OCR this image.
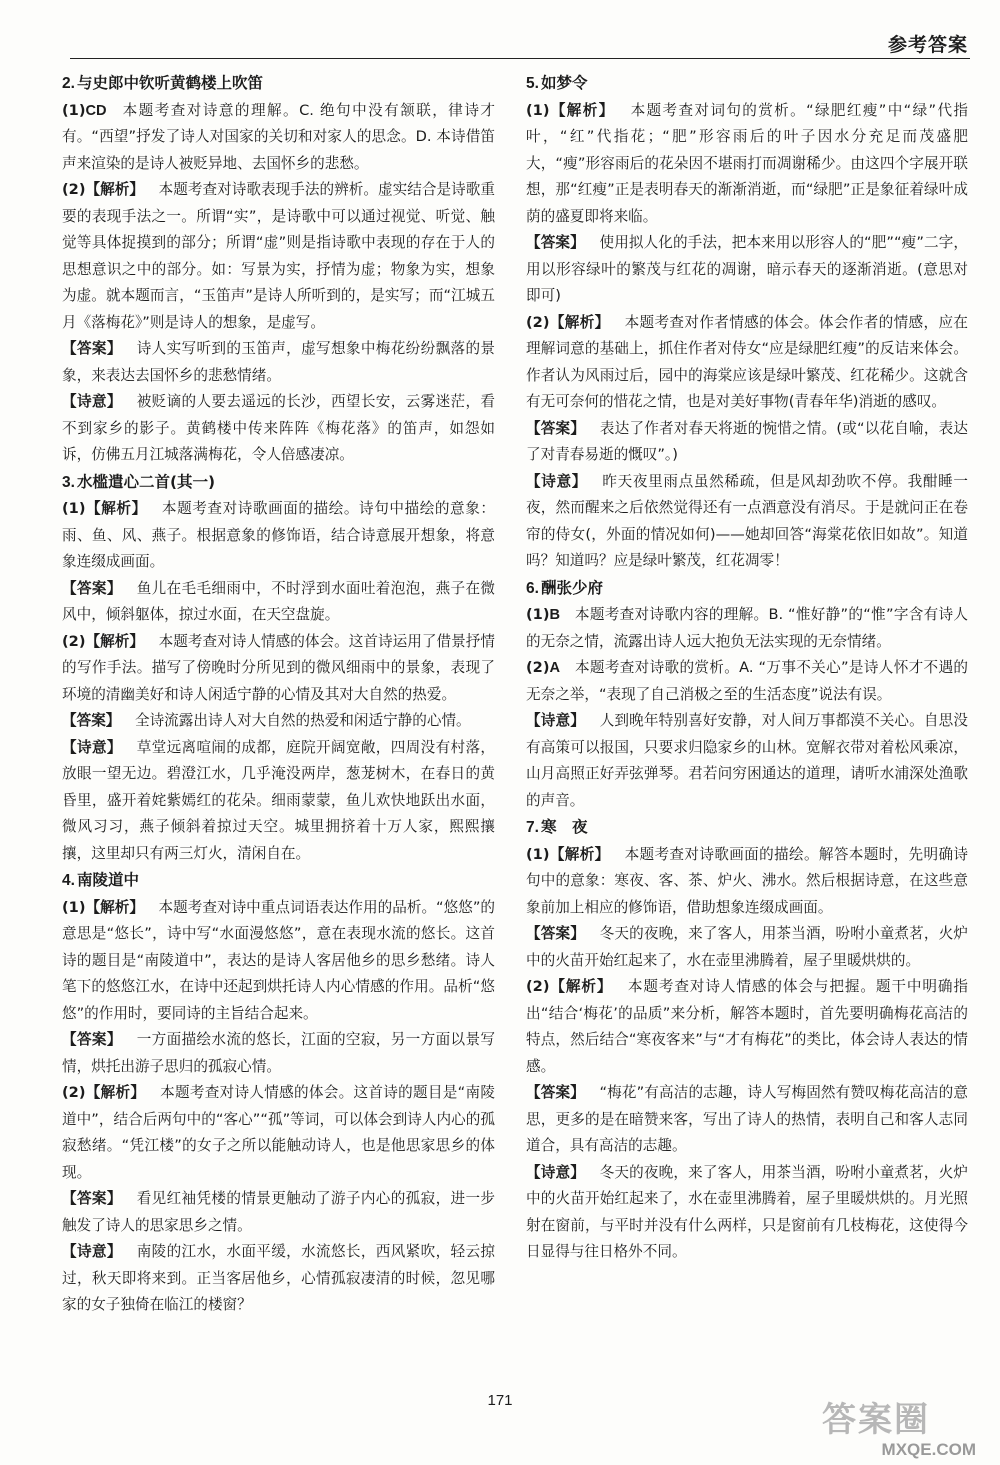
参考答案

2. 与史郎中钦听黄鹤楼上吹笛

(1)CD  本题考查对诗意的理解。C. 绝句中没有颔联，律诗才有。“西望”抒发了诗人对国家的关切和对家人的思念。D. 本诗借笛声来渲染的是诗人被贬异地、去国怀乡的悲愁。

(2)【解析】  本题考查对诗歌表现手法的辨析。虚实结合是诗歌重要的表现手法之一。所谓“实”，是诗歌中可以通过视觉、听觉、触觉等具体捉摸到的部分；所谓“虚”则是指诗歌中表现的存在于人的思想意识之中的部分。如：写景为实，抒情为虚；物象为实，想象为虚。就本题而言，“玉笛声”是诗人所听到的，是实写；而“江城五月《落梅花》”则是诗人的想象，是虚写。

【答案】  诗人实写听到的玉笛声，虚写想象中梅花纷纷飘落的景象，来表达去国怀乡的悲愁情绪。

【诗意】  被贬谪的人要去遥远的长沙，西望长安，云雾迷茫，看不到家乡的影子。黄鹤楼中传来阵阵《梅花落》的笛声，如怨如诉，仿佛五月江城落满梅花，令人倍感凄凉。

3. 水槛遣心二首(其一)

(1)【解析】  本题考查对诗歌画面的描绘。诗句中描绘的意象：雨、鱼、风、燕子。根据意象的修饰语，结合诗意展开想象，将意象连缀成画面。

【答案】  鱼儿在毛毛细雨中，不时浮到水面吐着泡泡，燕子在微风中，倾斜躯体，掠过水面，在天空盘旋。

(2)【解析】  本题考查对诗人情感的体会。这首诗运用了借景抒情的写作手法。描写了傍晚时分所见到的微风细雨中的景象，表现了环境的清幽美好和诗人闲适宁静的心情及其对大自然的热爱。

【答案】  全诗流露出诗人对大自然的热爱和闲适宁静的心情。

【诗意】  草堂远离喧闹的成都，庭院开阔宽敞，四周没有村落，放眼一望无边。碧澄江水，几乎淹没两岸，葱茏树木，在春日的黄昏里，盛开着姹紫嫣红的花朵。细雨蒙蒙，鱼儿欢快地跃出水面，微风习习，燕子倾斜着掠过天空。城里拥挤着十万人家，熙熙攘攘，这里却只有两三灯火，清闲自在。

4. 南陵道中

(1)【解析】  本题考查对诗中重点词语表达作用的品析。“悠悠”的意思是“悠长”，诗中写“水面漫悠悠”，意在表现水流的悠长。这首诗的题目是“南陵道中”，表达的是诗人客居他乡的思乡愁绪。诗人笔下的悠悠江水，在诗中还起到烘托诗人内心情感的作用。品析“悠悠”的作用时，要同诗的主旨结合起来。

【答案】  一方面描绘水流的悠长，江面的空寂，另一方面以景写情，烘托出游子思归的孤寂心情。

(2)【解析】  本题考查对诗人情感的体会。这首诗的题目是“南陵道中”，结合后两句中的“客心”“孤”等词，可以体会到诗人内心的孤寂愁绪。“凭江楼”的女子之所以能触动诗人，也是他思家思乡的体现。

【答案】  看见红袖凭楼的情景更触动了游子内心的孤寂，进一步触发了诗人的思家思乡之情。

【诗意】  南陵的江水，水面平缓，水流悠长，西风紧吹，轻云掠过，秋天即将来到。正当客居他乡，心情孤寂凄清的时候，忽见哪家的女子独倚在临江的楼窗？

5. 如梦令

(1)【解析】  本题考查对词句的赏析。“绿肥红瘦”中“绿”代指叶，“红”代指花；“肥”形容雨后的叶子因水分充足而茂盛肥大，“瘦”形容雨后的花朵因不堪雨打而凋谢稀少。由这四个字展开联想，那“红瘦”正是表明春天的渐渐消逝，而“绿肥”正是象征着绿叶成荫的盛夏即将来临。

【答案】  使用拟人化的手法，把本来用以形容人的“肥”“瘦”二字，用以形容绿叶的繁茂与红花的凋谢，暗示春天的逐渐消逝。(意思对即可)

(2)【解析】  本题考查对作者情感的体会。体会作者的情感，应在理解词意的基础上，抓住作者对侍女“应是绿肥红瘦”的反诘来体会。作者认为风雨过后，园中的海棠应该是绿叶繁茂、红花稀少。这就含有无可奈何的惜花之情，也是对美好事物(青春年华)消逝的感叹。

【答案】  表达了作者对春天将逝的惋惜之情。(或“以花自喻，表达了对青春易逝的慨叹”。)

【诗意】  昨天夜里雨点虽然稀疏，但是风却劲吹不停。我酣睡一夜，然而醒来之后依然觉得还有一点酒意没有消尽。于是就问正在卷帘的侍女(，外面的情况如何)——她却回答“海棠花依旧如故”。知道吗？知道吗？应是绿叶繁茂，红花凋零！

6. 酬张少府

(1)B  本题考查对诗歌内容的理解。B. “惟好静”的“惟”字含有诗人的无奈之情，流露出诗人远大抱负无法实现的无奈情绪。

(2)A  本题考查对诗歌的赏析。A. “万事不关心”是诗人怀才不遇的无奈之举，“表现了自己消极之至的生活态度”说法有误。

【诗意】  人到晚年特别喜好安静，对人间万事都漠不关心。自思没有高策可以报国，只要求归隐家乡的山林。宽解衣带对着松风乘凉，山月高照正好弄弦弹琴。君若问穷困通达的道理，请听水浦深处渔歌的声音。

7. 寒　夜

(1)【解析】  本题考查对诗歌画面的描绘。解答本题时，先明确诗句中的意象：寒夜、客、茶、炉火、沸水。然后根据诗意，在这些意象前加上相应的修饰语，借助想象连缀成画面。

【答案】  冬天的夜晚，来了客人，用茶当酒，吩咐小童煮茗，火炉中的火苗开始红起来了，水在壶里沸腾着，屋子里暖烘烘的。

(2)【解析】  本题考查对诗人情感的体会与把握。题干中明确指出“结合‘梅花’的品质”来分析，解答本题时，首先要明确梅花高洁的特点，然后结合“寒夜客来”与“才有梅花”的类比，体会诗人表达的情感。

【答案】  “梅花”有高洁的志趣，诗人写梅固然有赞叹梅花高洁的意思，更多的是在暗赞来客，写出了诗人的热情，表明自己和客人志同道合，具有高洁的志趣。

【诗意】  冬天的夜晚，来了客人，用茶当酒，吩咐小童煮茗，火炉中的火苗开始红起来了，水在壶里沸腾着，屋子里暖烘烘的。月光照射在窗前，与平时并没有什么两样，只是窗前有几枝梅花，这使得今日显得与往日格外不同。

171	答案圈
MXQE.COM
